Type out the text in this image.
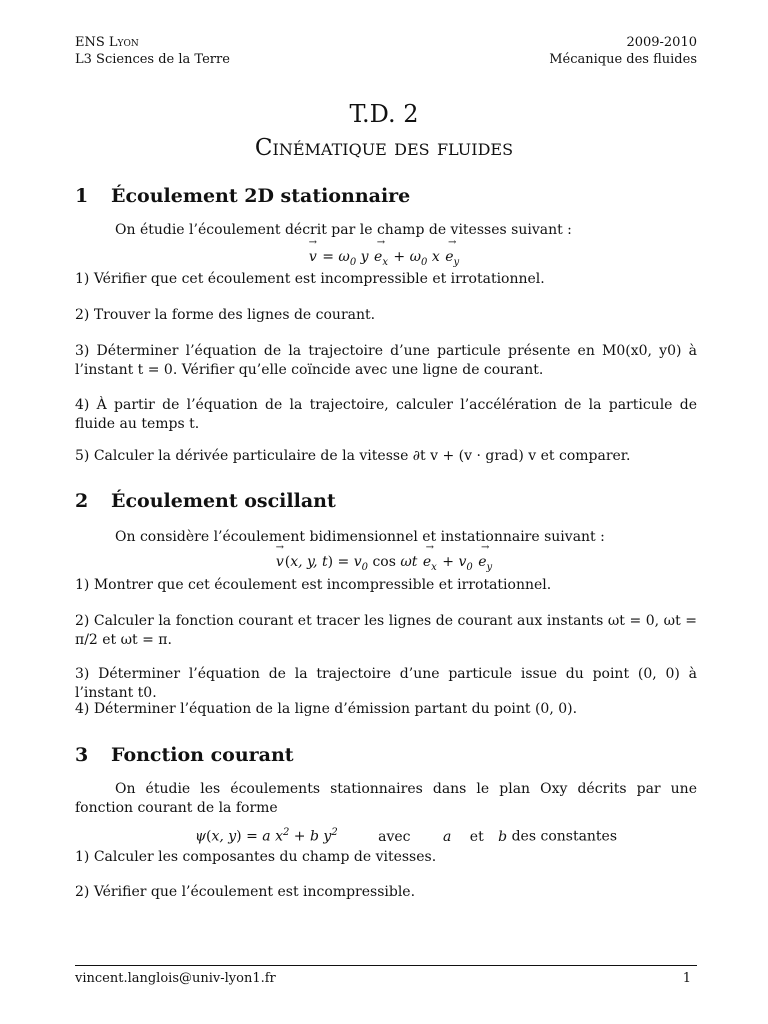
ENS Lyon
L3 Sciences de la Terre
2009-2010
Mécanique des fluides
T.D. 2
Cinématique des fluides
1 Écoulement 2D stationnaire
On étudie l’écoulement décrit par le champ de vitesses suivant :
→ $v = \omega_0$ $y \to e_x + \omega_0$ $x \to e_y$
1) Vérifier que cet écoulement est incompressible et irrotationnel.
2) Trouver la forme des lignes de courant.
3) Déterminer l’équation de la trajectoire d’une particule présente en M0(x0, y0) à l’instant t = 0. Vérifier qu’elle coïncide avec une ligne de courant.
4) À partir de l’équation de la trajectoire, calculer l’accélération de la particule de fluide au temps t.
5) Calculer la dérivée particulaire de la vitesse ∂t v + (v · grad) v et comparer.
2 Écoulement oscillant
On considère l’écoulement bidimensionnel et instationnaire suivant :
→ v(x, y, $t) = v_0$ $\cos \omega t \to e_x + v_0 \to e_y$
1) Montrer que cet écoulement est incompressible et irrotationnel.
2) Calculer la fonction courant et tracer les lignes de courant aux instants ωt = 0, ωt = π/2 et ωt = π.
3) Déterminer l’équation de la trajectoire d’une particule issue du point (0, 0) à l’instant t0.
4) Déterminer l’équation de la ligne d’émission partant du point (0, 0).
3 Fonction courant
On étudie les écoulements stationnaires dans le plan Oxy décrits par une fonction courant de la forme
ψ(x, y) = a $x^2 + b$ $y^2$	avec a et b des constantes
1) Calculer les composantes du champ de vitesses.
2) Vérifier que l’écoulement est incompressible.
vincent.langlois@univ-lyon1.fr	1
